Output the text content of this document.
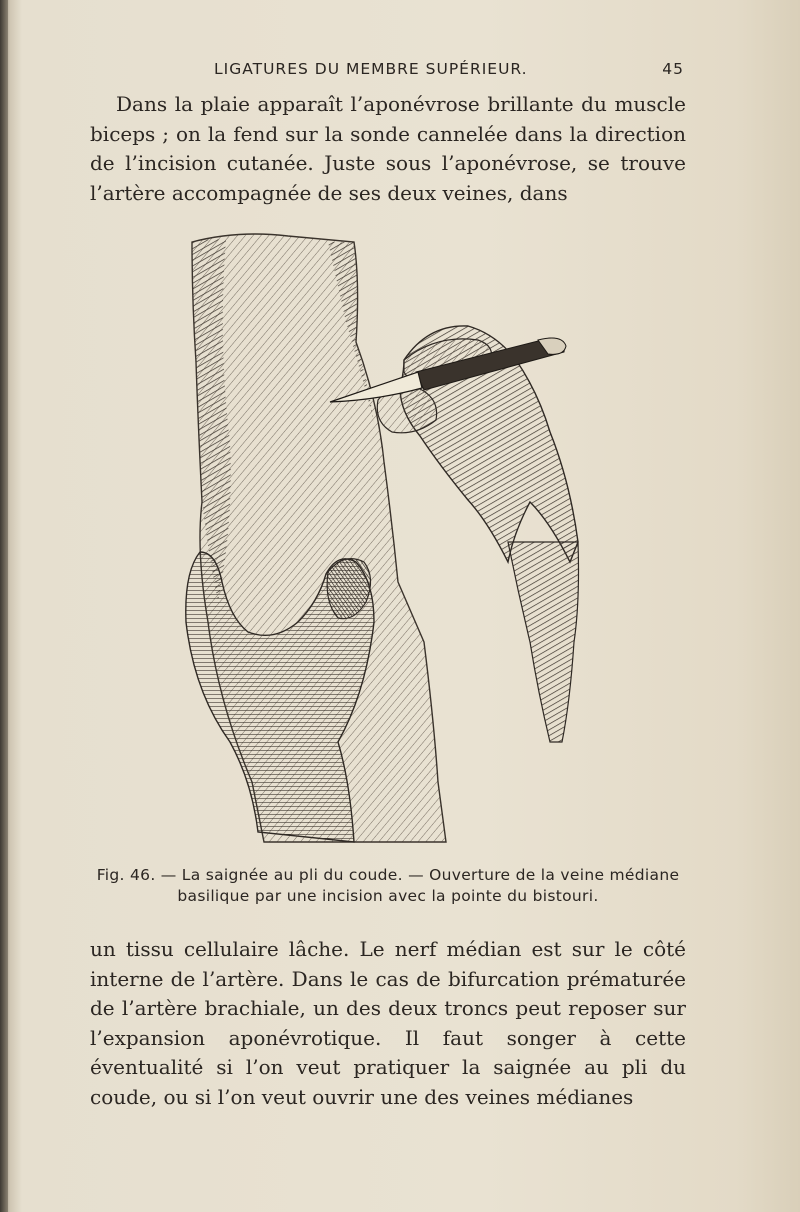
LIGATURES DU MEMBRE SUPÉRIEUR.	45

Dans la plaie apparaît l’aponévrose brillante du muscle biceps ; on la fend sur la sonde cannelée dans la direction de l’incision cutanée. Juste sous l’aponévrose, se trouve l’artère accompagnée de ses deux veines, dans

Fig. 46. — La saignée au pli du coude. — Ouverture de la veine médiane basilique par une incision avec la pointe du bistouri.

un tissu cellulaire lâche. Le nerf médian est sur le côté interne de l’artère. Dans le cas de bifurcation prématurée de l’artère brachiale, un des deux troncs peut reposer sur l’expansion aponévrotique. Il faut songer à cette éventualité si l’on veut pratiquer la saignée au pli du coude, ou si l’on veut ouvrir une des veines médianes
